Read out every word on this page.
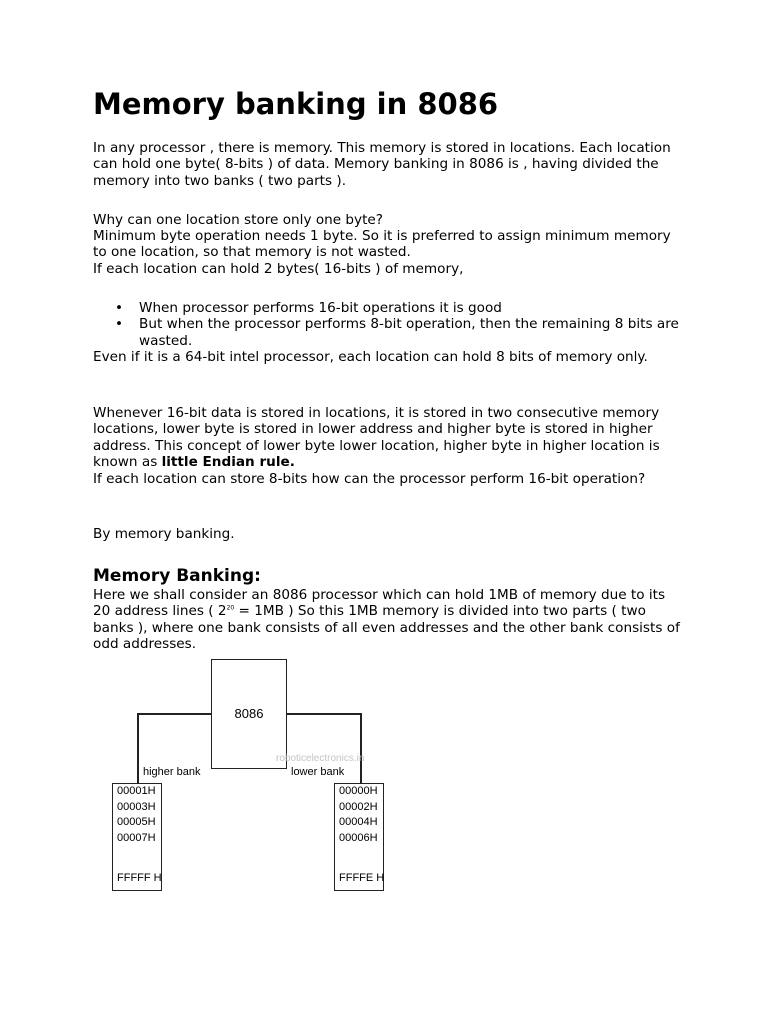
Memory banking in 8086

In any processor , there is memory. This memory is stored in locations. Each location can hold one byte( 8-bits ) of data. Memory banking in 8086 is , having divided the memory into two banks ( two parts ).

Why can one location store only one byte?

Minimum byte operation needs 1 byte. So it is preferred to assign minimum memory to one location, so that memory is not wasted.

If each location can hold 2 bytes( 16-bits ) of memory,

• When processor performs 16-bit operations it is good
• But when the processor performs 8-bit operation, then the remaining 8 bits are wasted.

Even if it is a 64-bit intel processor, each location can hold 8 bits of memory only.

Whenever 16-bit data is stored in locations, it is stored in two consecutive memory locations, lower byte is stored in lower address and higher byte is stored in higher address. This concept of lower byte lower location, higher byte in higher location is known as little Endian rule.

If each location can store 8-bits how can the processor perform 16-bit operation?

By memory banking.

Memory Banking:

Here we shall consider an 8086 processor which can hold 1MB of memory due to its 20 address lines ( $2^{20} = 1MB$ ) So this 1MB memory is divided into two parts ( two banks ), where one bank consists of all even addresses and the other bank consists of odd addresses.

8086
roboticelectronics.in
higher bank	lower bank
00001H
00003H
00005H
00007H
FFFFF H
00000H
00002H
00004H
00006H
FFFFE H
